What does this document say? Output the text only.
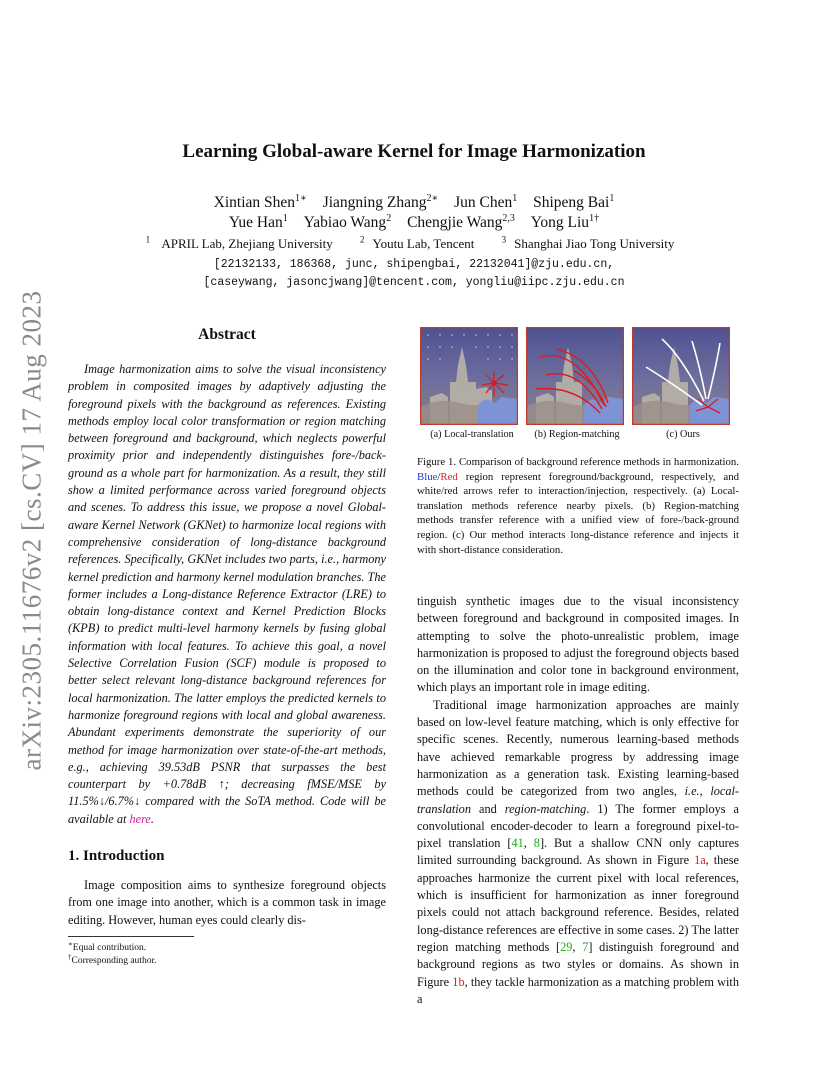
arXiv:2305.11676v2 [cs.CV] 17 Aug 2023
Learning Global-aware Kernel for Image Harmonization
Xintian Shen$^{1∗}$ Jiangning Zhang$^{2∗}$ Jun Chen$^1$ Shipeng Bai$^1$
Yue Han$^1$ Yabiao Wang$^2$ Chengjie Wang$^{2,3}$ Yong Liu$^{1\dagger}$
$^1$ APRIL Lab, Zhejiang University	$^2$ Youtu Lab, Tencent	$^3$ Shanghai Jiao Tong University
[22132133, 186368, junc, shipengbai, 22132041]@zju.edu.cn,
[caseywang, jasoncjwang]@tencent.com, yongliu@iipc.zju.edu.cn
Abstract
Image harmonization aims to solve the visual inconsistency problem in composited images by adaptively adjusting the foreground pixels with the background as references. Existing methods employ local color transformation or region matching between foreground and background, which neglects powerful proximity prior and independently distinguishes fore-/back-ground as a whole part for harmonization. As a result, they still show a limited performance across varied foreground objects and scenes. To address this issue, we propose a novel Global-aware Kernel Network (GKNet) to harmonize local regions with comprehensive consideration of long-distance background references. Specifically, GKNet includes two parts, i.e., harmony kernel prediction and harmony kernel modulation branches. The former includes a Long-distance Reference Extractor (LRE) to obtain long-distance context and Kernel Prediction Blocks (KPB) to predict multi-level harmony kernels by fusing global information with local features. To achieve this goal, a novel Selective Correlation Fusion (SCF) module is proposed to better select relevant long-distance background references for local harmonization. The latter employs the predicted kernels to harmonize foreground regions with local and global awareness. Abundant experiments demonstrate the superiority of our method for image harmonization over state-of-the-art methods, e.g., achieving 39.53dB PSNR that surpasses the best counterpart by +0.78dB ↑; decreasing fMSE/MSE by 11.5%↓/6.7%↓ compared with the SoTA method. Code will be available at here.
1. Introduction
Image composition aims to synthesize foreground objects from one image into another, which is a common task in image editing. However, human eyes could clearly dis-
∗Equal contribution.
†Corresponding author.
(a) Local-translation	(b) Region-matching	(c) Ours
Figure 1. Comparison of background reference methods in harmonization. Blue/Red region represent foreground/background, respectively, and white/red arrows refer to interaction/injection, respectively. (a) Local-translation methods reference nearby pixels. (b) Region-matching methods transfer reference with a unified view of fore-/back-ground region. (c) Our method interacts long-distance reference and injects it with short-distance consideration.

tinguish synthetic images due to the visual inconsistency between foreground and background in composited images. In attempting to solve the photo-unrealistic problem, image harmonization is proposed to adjust the foreground objects based on the illumination and color tone in background environment, which plays an important role in image editing.

Traditional image harmonization approaches are mainly based on low-level feature matching, which is only effective for specific scenes. Recently, numerous learning-based methods have achieved remarkable progress by addressing image harmonization as a generation task. Existing learning-based methods could be categorized from two angles, i.e., local-translation and region-matching. 1) The former employs a convolutional encoder-decoder to learn a foreground pixel-to-pixel translation [41, 8]. But a shallow CNN only captures limited surrounding background. As shown in Figure 1a, these approaches harmonize the current pixel with local references, which is insufficient for harmonization as inner foreground pixels could not attach background reference. Besides, related long-distance references are effective in some cases. 2) The latter region matching methods [29, 7] distinguish foreground and background regions as two styles or domains. As shown in Figure 1b, they tackle harmonization as a matching problem with a
